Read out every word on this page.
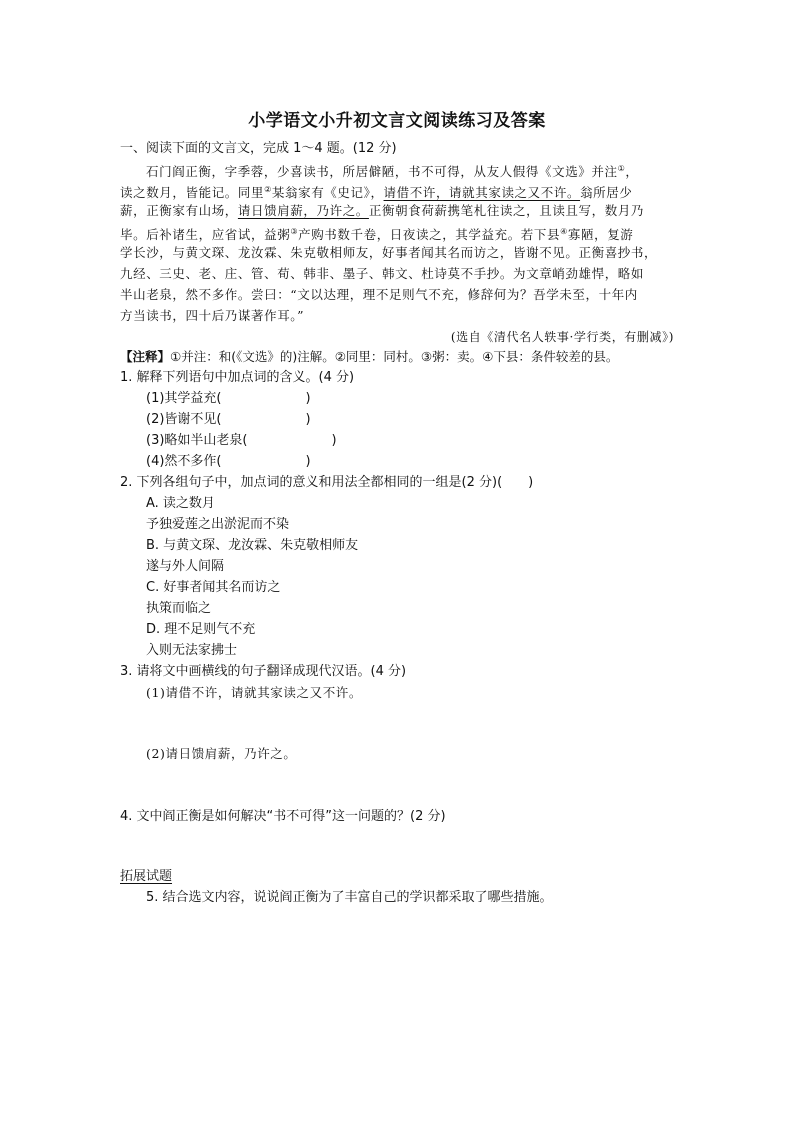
小学语文小升初文言文阅读练习及答案
一、阅读下面的文言文，完成 1～4 题。(12 分)
石门阎正衡，字季蓉，少喜读书，所居僻陋，书不可得，从友人假得《文选》并注①，
读之数月，皆能记。同里②某翁家有《史记》，请借不许，请就其家读之又不许。翁所居少
薪，正衡家有山场，请日馈肩薪，乃许之。正衡朝食荷薪携笔札往读之，且读且写，数月乃
毕。后补诸生，应省试，益粥③产购书数千卷，日夜读之，其学益充。若下县④寡陋，复游
学长沙，与黄文琛、龙汝霖、朱克敬相师友，好事者闻其名而访之，皆谢不见。正衡喜抄书，
九经、三史、老、庄、管、荀、韩非、墨子、韩文、杜诗莫不手抄。为文章峭劲雄悍，略如
半山老泉，然不多作。尝曰：“文以达理，理不足则气不充，修辞何为？吾学未至，十年内
方当读书，四十后乃谋著作耳。”
(选自《清代名人轶事·学行类，有删减》)
【注释】①并注：和(《文选》的)注解。②同里：同村。③粥：卖。④下县：条件较差的县。
1. 解释下列语句中加点词的含义。(4 分)
(1)其学益充(	)
(2)皆谢不见(	)
(3)略如半山老泉(	)
(4)然不多作(	)
2. 下列各组句子中，加点词的意义和用法全都相同的一组是(2 分)(　　)
A. 读之数月
予独爱莲之出淤泥而不染
B. 与黄文琛、龙汝霖、朱克敬相师友
遂与外人间隔
C. 好事者闻其名而访之
执策而临之
D. 理不足则气不充
入则无法家拂士
3. 请将文中画横线的句子翻译成现代汉语。(4 分)
(1)请借不许，请就其家读之又不许。
(2)请日馈肩薪，乃许之。
4. 文中阎正衡是如何解决“书不可得”这一问题的？(2 分)
拓展试题
5. 结合选文内容，说说阎正衡为了丰富自己的学识都采取了哪些措施。
